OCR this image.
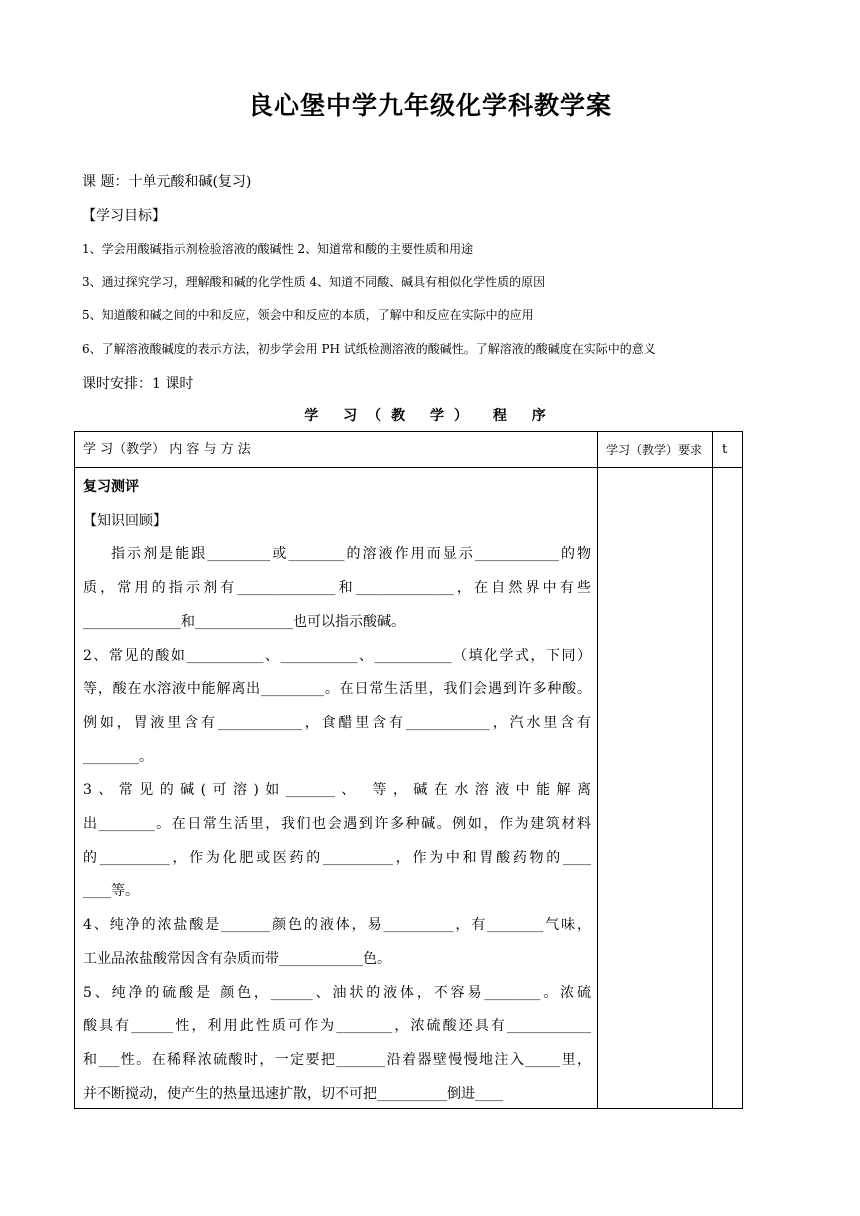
良心堡中学九年级化学科教学案
课 题：十单元酸和碱(复习)
【学习目标】
1、学会用酸碱指示剂检验溶液的酸碱性 2、知道常和酸的主要性质和用途
3、通过探究学习，理解酸和碱的化学性质 4、知道不同酸、碱具有相似化学性质的原因
5、知道酸和碱之间的中和反应，领会中和反应的本质，了解中和反应在实际中的应用
6、了解溶液酸碱度的表示方法，初步学会用 PH 试纸检测溶液的酸碱性。了解溶液的酸碱度在实际中的意义
课时安排：1 课时
学 习（教 学） 程 序
学 习（教学） 内 容 与 方 法	学习（教学）要求 t

复习测评

【知识回顾】

指示剂是能跟_________或________的溶液作用而显示____________的物

质，常用的指示剂有______________和______________，在自然界中有些

______________和______________也可以指示酸碱。

2、常见的酸如___________、___________、___________（填化学式，下同）

等，酸在水溶液中能解离出_________。在日常生活里，我们会遇到许多种酸。

例如，胃液里含有____________，食醋里含有____________，汽水里含有

________。

3、常见的碱(可溶)如_______、 等，碱在水溶液中能解离

出________。在日常生活里，我们也会遇到许多种碱。例如，作为建筑材料

的__________，作为化肥或医药的__________，作为中和胃酸药物的____

____等。

4、纯净的浓盐酸是_______颜色的液体，易__________，有________气味，

工业品浓盐酸常因含有杂质而带____________色。

5、纯净的硫酸是 颜色，______、油状的液体，不容易________。浓硫

酸具有______性，利用此性质可作为________，浓硫酸还具有____________

和___性。在稀释浓硫酸时，一定要把_______沿着器壁慢慢地注入_____里，

并不断搅动，使产生的热量迅速扩散，切不可把__________倒进____
